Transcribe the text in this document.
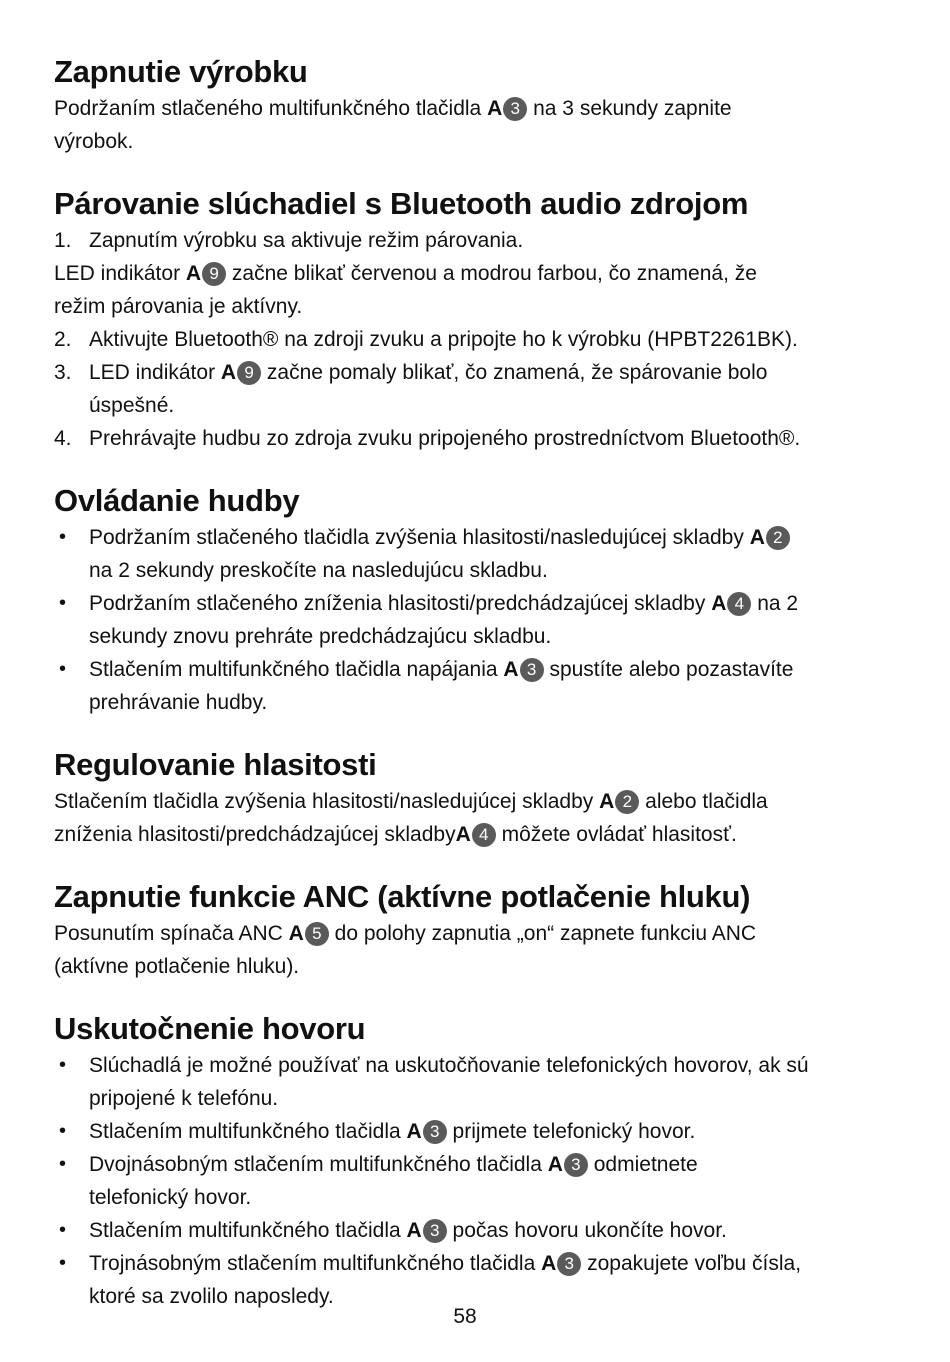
Zapnutie výrobku

Podržaním stlačeného multifunkčného tlačidla A 3 na 3 sekundy zapnite
výrobok.

Párovanie slúchadiel s Bluetooth audio zdrojom
1. Zapnutím výrobku sa aktivuje režim párovania.
LED indikátor A 9 začne blikať červenou a modrou farbou, čo znamená, že
režim párovania je aktívny.
2. Aktivujte Bluetooth® na zdroji zvuku a pripojte ho k výrobku (HPBT2261BK).
3. LED indikátor A 9 začne pomaly blikať, čo znamená, že spárovanie bolo
úspešné.
4. Prehrávajte hudbu zo zdroja zvuku pripojeného prostredníctvom Bluetooth®.
Ovládanie hudby
• Podržaním stlačeného tlačidla zvýšenia hlasitosti/nasledujúcej skladby A 2
na 2 sekundy preskočíte na nasledujúcu skladbu.
• Podržaním stlačeného zníženia hlasitosti/predchádzajúcej skladby A 4 na 2
sekundy znovu prehráte predchádzajúcu skladbu.
• Stlačením multifunkčného tlačidla napájania A 3 spustíte alebo pozastavíte
prehrávanie hudby.
Regulovanie hlasitosti

Stlačením tlačidla zvýšenia hlasitosti/nasledujúcej skladby A 2 alebo tlačidla
zníženia hlasitosti/predchádzajúcej skladbyA 4 môžete ovládať hlasitosť.

Zapnutie funkcie ANC (aktívne potlačenie hluku)

Posunutím spínača ANC A 5 do polohy zapnutia „on“ zapnete funkciu ANC
(aktívne potlačenie hluku).

Uskutočnenie hovoru
• Slúchadlá je možné používať na uskutočňovanie telefonických hovorov, ak sú
pripojené k telefónu.
• Stlačením multifunkčného tlačidla A 3 prijmete telefonický hovor.
• Dvojnásobným stlačením multifunkčného tlačidla A 3 odmietnete
telefonický hovor.
• Stlačením multifunkčného tlačidla A 3 počas hovoru ukončíte hovor.
• Trojnásobným stlačením multifunkčného tlačidla A 3 zopakujete voľbu čísla,
ktoré sa zvolilo naposledy.
58
